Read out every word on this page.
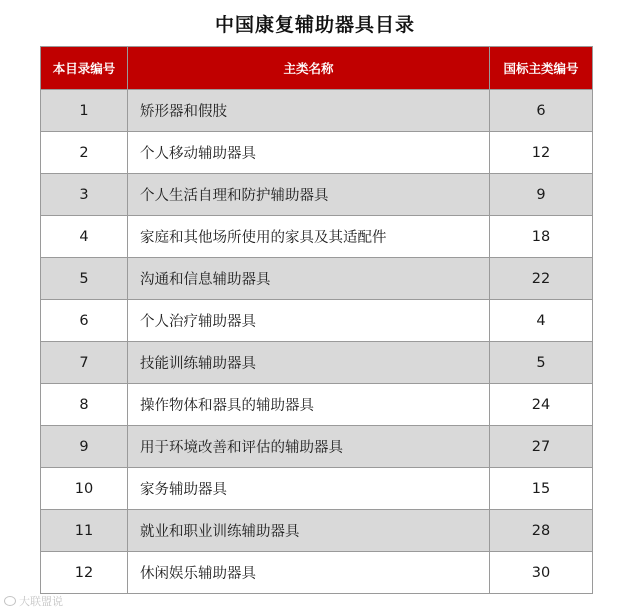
中国康复辅助器具目录
本目录编号	主类名称	国标主类编号
1	矫形器和假肢	6
2	个人移动辅助器具	12
3	个人生活自理和防护辅助器具	9
4	家庭和其他场所使用的家具及其适配件	18
5	沟通和信息辅助器具	22
6	个人治疗辅助器具	4
7	技能训练辅助器具	5
8	操作物体和器具的辅助器具	24
9	用于环境改善和评估的辅助器具	27
10	家务辅助器具	15
11	就业和职业训练辅助器具	28
12	休闲娱乐辅助器具	30
大联盟说
